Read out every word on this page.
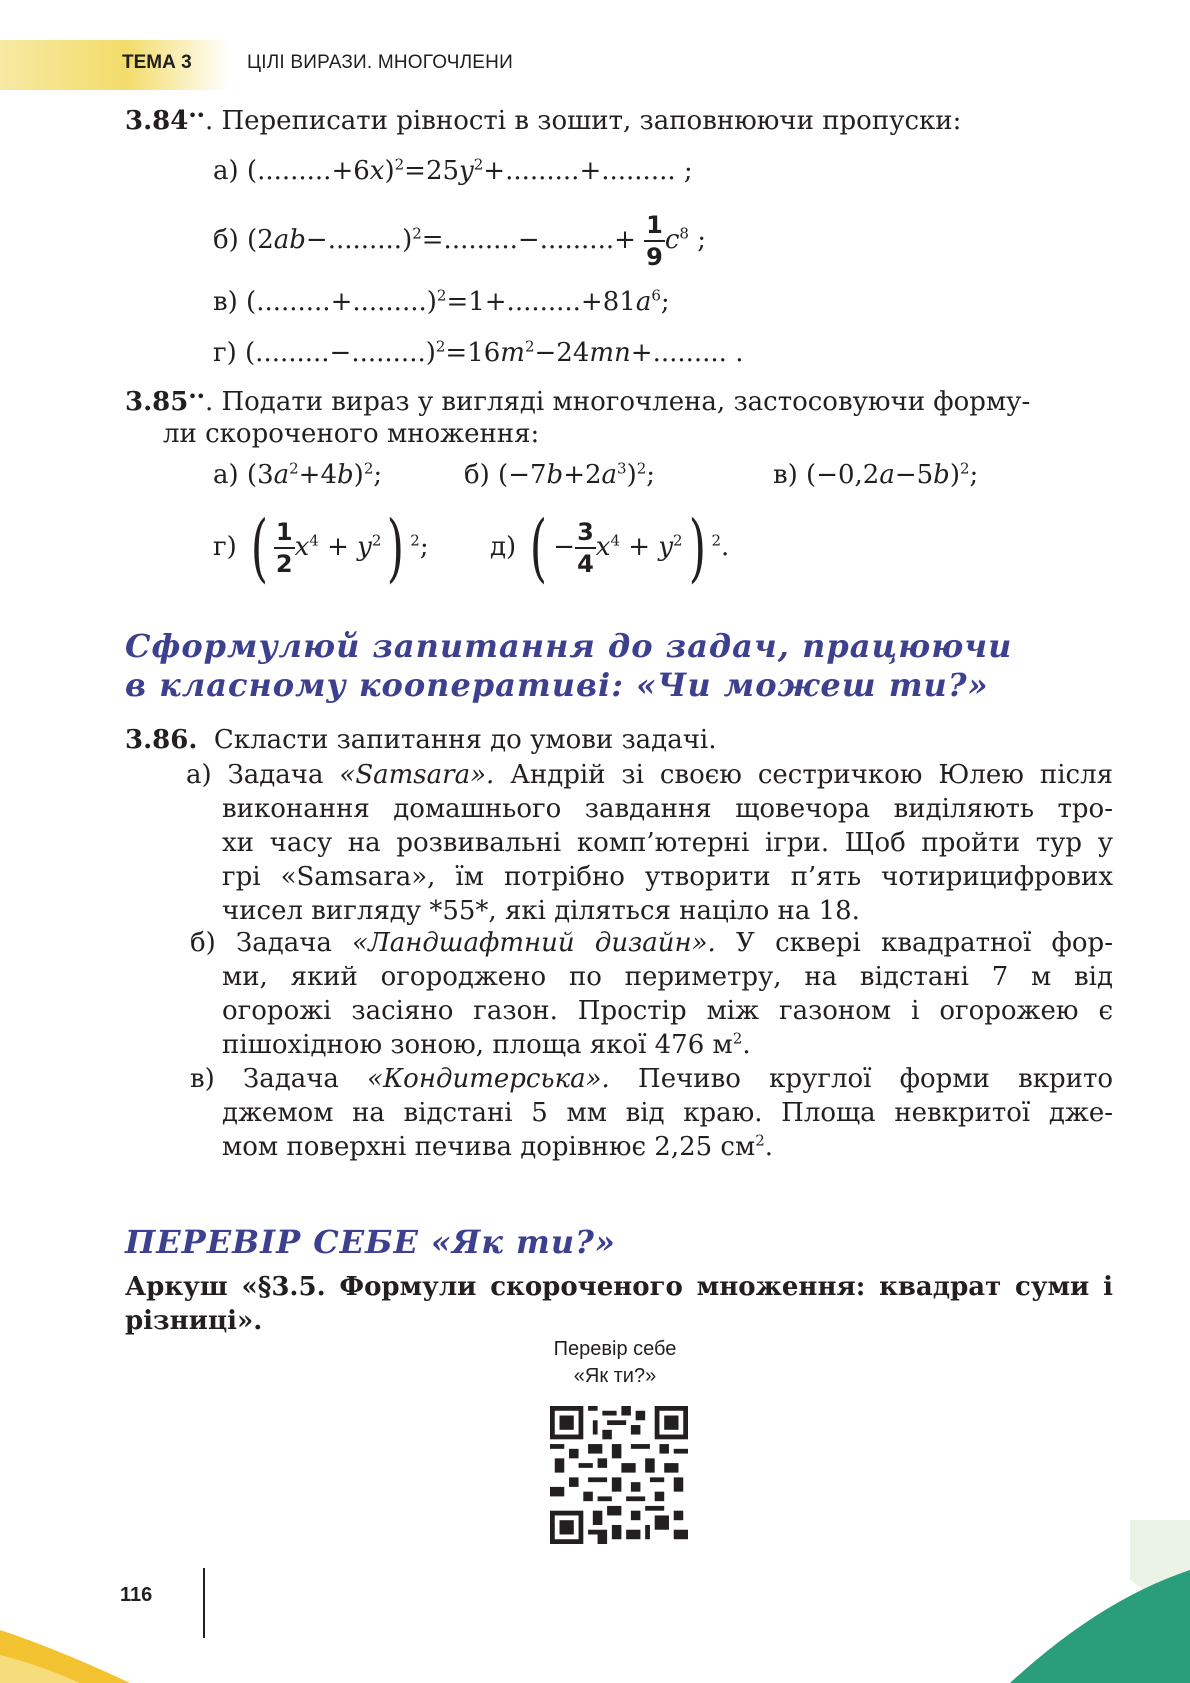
ТЕМА 3	ЦІЛІ ВИРАЗИ. МНОГОЧЛЕНИ
3.84••. Переписати рівності в зошит, заповнюючи пропуски:
а) $(.........+6x)^2=25y^2+.........+$......... ;
б) $(2ab-.........)^2=.........-.........+ \frac{1}{9} c^8$ ;
в) $(.........+.........)^2=1+.........+81a^6$;
г) $(.........-.........)^2=16m^2-24mn+$......... .
3.85••. Подати вираз у вигляді многочлена, застосовуючи форму-
ли скороченого множення:
а) $(3a^2+4b)^2$;	б) $(-7b+2a^3)^2$;	в) $(-0,2a-5b)^2$;
г) ( $\frac{1}{2} x^4 + y^2$) $^2$; д) ( − $\frac{3}{4} x^4 + y^2$) $^2$.
Сформулюй запитання до задач, працюючи
в класному кооперативі: «Чи можеш ти?»
3.86. Скласти запитання до умови задачі.
а) Задача «Samsara». Андрій зі своєю сестричкою Юлею після
виконання домашнього завдання щовечора виділяють тро-
хи часу на розвивальні комп’ютерні ігри. Щоб пройти тур у
грі «Samsara», їм потрібно утворити п’ять чотирицифрових
чисел вигляду *55*, які діляться націло на 18.
б) Задача «Ландшафтний дизайн». У сквері квадратної фор-
ми, який огороджено по периметру, на відстані 7 м від
огорожі засіяно газон. Простір між газоном і огорожею є
пішохідною зоною, площа якої 476 $м^2$.
в) Задача «Кондитерська». Печиво круглої форми вкрито
джемом на відстані 5 мм від краю. Площа невкритої дже-
мом поверхні печива дорівнює 2,25 $см^2$.
ПЕРЕВІР СЕБЕ «Як ти?»
Аркуш «§3.5. Формули скороченого множення: квадрат суми і
різниці».
Перевір себе
«Як ти?»
116
